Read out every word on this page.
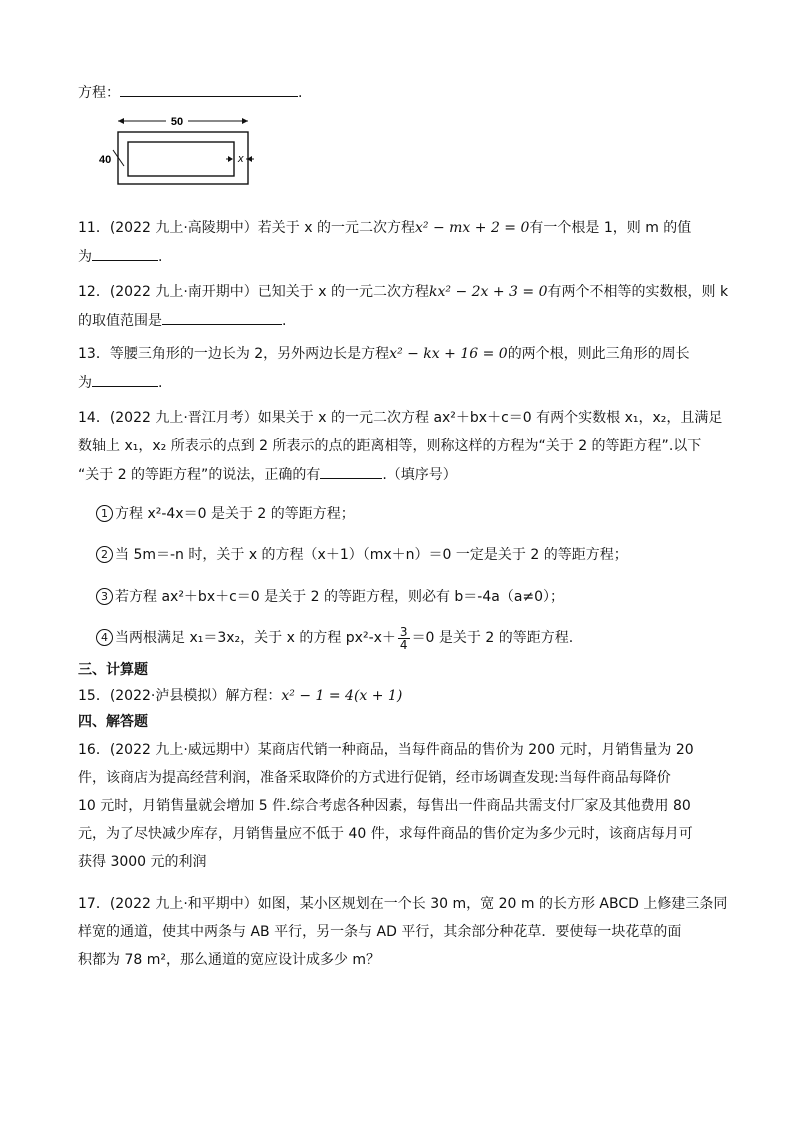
方程：	.
50
40	x
11．(2022 九上·高陵期中）若关于 x 的一元二次方程x² − mx + 2 = 0有一个根是 1，则 m 的值
为	.
12．(2022 九上·南开期中）已知关于 x 的一元二次方程kx² − 2x + 3 = 0有两个不相等的实数根，则 k
的取值范围是	.
13．等腰三角形的一边长为 2，另外两边长是方程x² − kx + 16 = 0的两个根，则此三角形的周长
为	.
14．(2022 九上·晋江月考）如果关于 x 的一元二次方程 ax²＋bx＋c＝0 有两个实数根 x₁，x₂，且满足
数轴上 x₁，x₂ 所表示的点到 2 所表示的点的距离相等，则称这样的方程为“关于 2 的等距方程”.以下
“关于 2 的等距方程”的说法，正确的有	.（填序号）
1 方程 x²-4x＝0 是关于 2 的等距方程；
2 当 5m＝-n 时，关于 x 的方程（x＋1）（mx＋n）＝0 一定是关于 2 的等距方程；
3 若方程 ax²＋bx＋c＝0 是关于 2 的等距方程，则必有 b＝-4a（a≠0）；
4 当两根满足 x₁＝3x₂，关于 x 的方程 $px^2-x+ \frac{3}{4} =0$ 是关于 2 的等距方程.
三、计算题
15．(2022·泸县模拟）解方程：x² − 1 = 4(x + 1)
四、解答题
16．(2022 九上·威远期中）某商店代销一种商品，当每件商品的售价为 200 元时，月销售量为 20
件，该商店为提高经营利润，准备采取降价的方式进行促销，经市场调查发现:当每件商品每降价
10 元时，月销售量就会增加 5 件.综合考虑各种因素，每售出一件商品共需支付厂家及其他费用 80
元，为了尽快减少库存，月销售量应不低于 40 件，求每件商品的售价定为多少元时，该商店每月可
获得 3000 元的利润
17．(2022 九上·和平期中）如图，某小区规划在一个长 30 m，宽 20 m 的长方形 ABCD 上修建三条同
样宽的通道，使其中两条与 AB 平行，另一条与 AD 平行，其余部分种花草．要使每一块花草的面
积都为 78 m²，那么通道的宽应设计成多少 m？
